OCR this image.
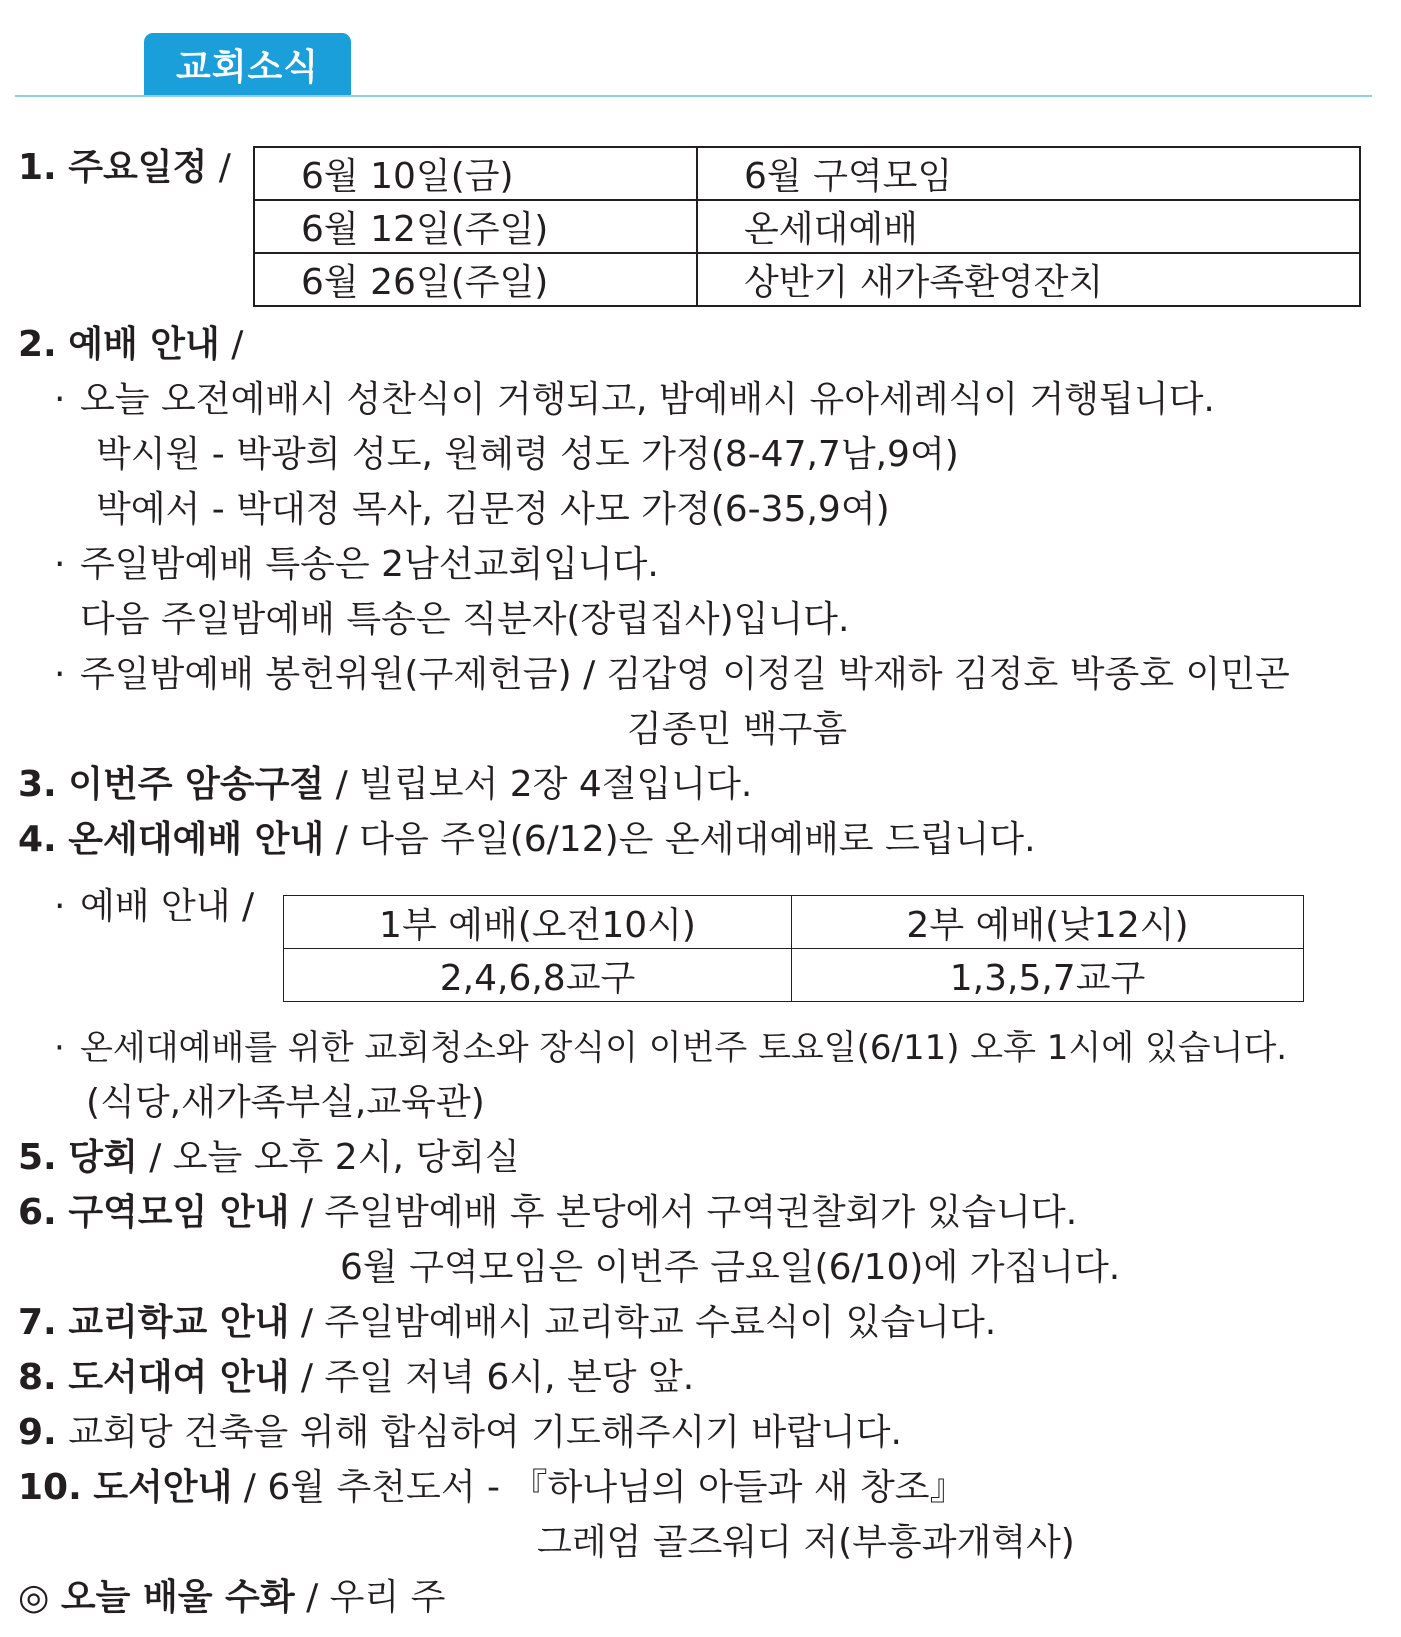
교회소식
1. 주요일정 / 6월 10일(금)	6월 구역모임
6월 12일(주일)	온세대예배
6월 26일(주일)	상반기 새가족환영잔치
2. 예배 안내 /
· 오늘 오전예배시 성찬식이 거행되고, 밤예배시 유아세례식이 거행됩니다.
박시원 - 박광희 성도, 원혜령 성도 가정(8-47,7남,9여)
박예서 - 박대정 목사, 김문정 사모 가정(6-35,9여)
· 주일밤예배 특송은 2남선교회입니다.
다음 주일밤예배 특송은 직분자(장립집사)입니다.
· 주일밤예배 봉헌위원(구제헌금) / 김갑영 이정길 박재하 김정호 박종호 이민곤
김종민 백구흠
3. 이번주 암송구절 / 빌립보서 2장 4절입니다.
4. 온세대예배 안내 / 다음 주일(6/12)은 온세대예배로 드립니다.
· 예배 안내 /	1부 예배(오전10시)	2부 예배(낮12시)
2,4,6,8교구	1,3,5,7교구
· 온세대예배를 위한 교회청소와 장식이 이번주 토요일(6/11) 오후 1시에 있습니다.
(식당,새가족부실,교육관)
5. 당회 / 오늘 오후 2시, 당회실
6. 구역모임 안내 / 주일밤예배 후 본당에서 구역권찰회가 있습니다.
6월 구역모임은 이번주 금요일(6/10)에 가집니다.
7. 교리학교 안내 / 주일밤예배시 교리학교 수료식이 있습니다.
8. 도서대여 안내 / 주일 저녁 6시, 본당 앞.
9. 교회당 건축을 위해 합심하여 기도해주시기 바랍니다.
10. 도서안내 / 6월 추천도서 - 『하나님의 아들과 새 창조』
그레엄 골즈워디 저(부흥과개혁사)
◎ 오늘 배울 수화 / 우리 주
